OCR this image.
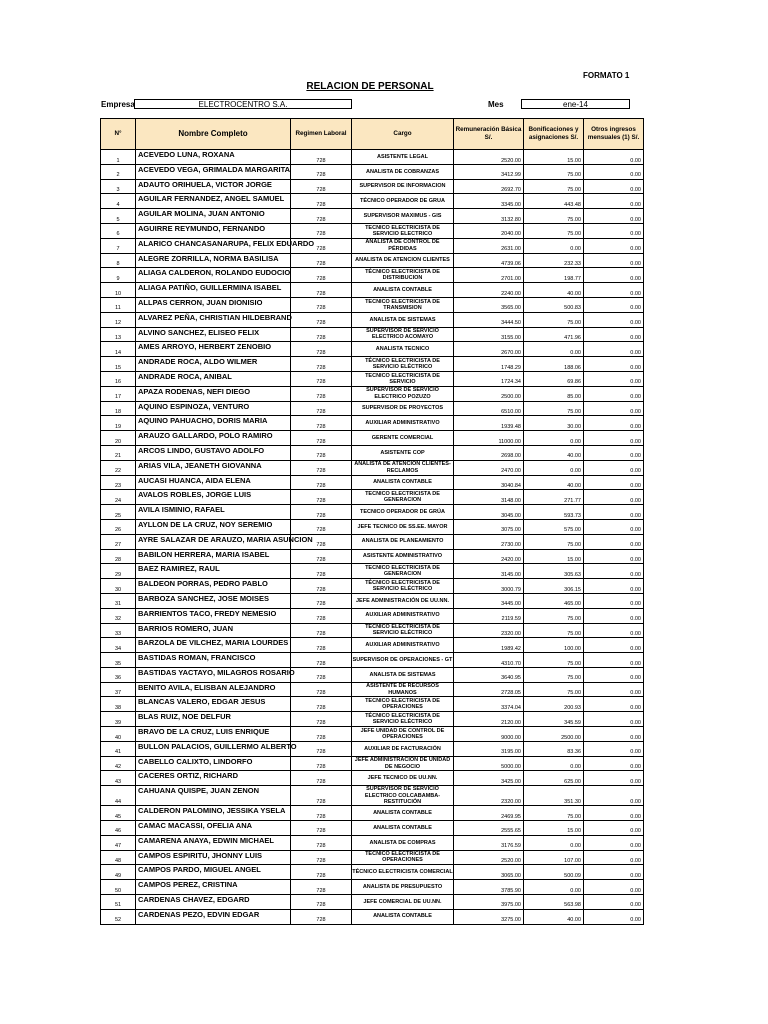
FORMATO 1
RELACION DE PERSONAL
Empresa	ELECTROCENTRO S.A.	Mes	ene-14
N°	Nombre Completo	Regimen Laboral	Cargo	Remuneración Básica S/.	Bonificaciones y asignaciones S/.	Otros ingresos mensuales (1) S/.
1	ACEVEDO LUNA, ROXANA	728	ASISTENTE LEGAL	2520.00	15.00	0.00
2	ACEVEDO VEGA, GRIMALDA MARGARITA	728	ANALISTA DE COBRANZAS	3412.99	75.00	0.00
3	ADAUTO ORIHUELA, VICTOR JORGE	728	SUPERVISOR DE INFORMACION	2692.70	75.00	0.00
4	AGUILAR FERNANDEZ, ANGEL SAMUEL	728	TÉCNICO OPERADOR DE GRUA	3345.00	443.48	0.00
5	AGUILAR MOLINA, JUAN ANTONIO	728	SUPERVISOR MAXIMUS - GIS	3132.80	75.00	0.00
6	AGUIRRE REYMUNDO, FERNANDO	728	TECNICO ELECTRICISTA DE SERVICIO ELECTRICO	2040.00	75.00	0.00
7	ALARICO CHANCASANARUPA, FELIX EDUARDO	728	ANALISTA DE CONTROL DE PÉRDIDAS	2631.00	0.00	0.00
8	ALEGRE ZORRILLA, NORMA BASILISA	728	ANALISTA DE ATENCION CLIENTES	4739.06	232.33	0.00
9	ALIAGA CALDERON, ROLANDO EUDOCIO	728	TÉCNICO ELECTRICISTA DE DISTRIBUCION	2701.00	198.77	0.00
10	ALIAGA PATIÑO, GUILLERMINA ISABEL	728	ANALISTA CONTABLE	2240.00	40.00	0.00
11	ALLPAS CERRON, JUAN DIONISIO	728	TECNICO ELECTRICISTA DE TRANSMISION	3565.00	500.83	0.00
12	ALVAREZ PEÑA, CHRISTIAN HILDEBRAND	728	ANALISTA DE SISTEMAS	3444.50	75.00	0.00
13	ALVINO SANCHEZ, ELISEO FELIX	728	SUPERVISOR DE SERVICIO ELECTRICO ACOMAYO	3155.00	471.96	0.00
14	AMES ARROYO, HERBERT ZENOBIO	728	ANALISTA TECNICO	2670.00	0.00	0.00
15	ANDRADE ROCA, ALDO WILMER	728	TÉCNICO ELECTRICISTA DE SERVICIO ELÉCTRICO	1748.29	188.06	0.00
16	ANDRADE ROCA, ANIBAL	728	TECNICO ELECTRICISTA DE SERVICIO	1724.34	69.86	0.00
17	APAZA RODENAS, NEFI DIEGO	728	SUPERVISOR DE SERVICIO ELECTRICO POZUZO	2500.00	85.00	0.00
18	AQUINO ESPINOZA, VENTURO	728	SUPERVISOR DE PROYECTOS	6510.00	75.00	0.00
19	AQUINO PAHUACHO, DORIS MARIA	728	AUXILIAR ADMINISTRATIVO	1939.48	30.00	0.00
20	ARAUZO GALLARDO, POLO RAMIRO	728	GERENTE COMERCIAL	11000.00	0.00	0.00
21	ARCOS LINDO, GUSTAVO ADOLFO	728	ASISTENTE COP	2698.00	40.00	0.00
22	ARIAS VILA, JEANETH GIOVANNA	728	ANALISTA DE ATENCION CLIENTES-RECLAMOS	2470.00	0.00	0.00
23	AUCASI HUANCA, AIDA ELENA	728	ANALISTA CONTABLE	3040.84	40.00	0.00
24	AVALOS ROBLES, JORGE LUIS	728	TECNICO ELECTRICISTA DE GENERACION	3148.00	271.77	0.00
25	AVILA ISMINIO, RAFAEL	728	TECNICO OPERADOR DE GRÚA	3045.00	593.73	0.00
26	AYLLON DE LA CRUZ, NOY SEREMIO	728	JEFE TECNICO DE SS.EE. MAYOR	3075.00	575.00	0.00
27	AYRE SALAZAR DE ARAUZO, MARIA ASUNCION	728	ANALISTA DE PLANEAMIENTO	2730.00	75.00	0.00
28	BABILON HERRERA, MARIA ISABEL	728	ASISTENTE ADMINISTRATIVO	2420.00	15.00	0.00
29	BAEZ RAMIREZ, RAUL	728	TECNICO ELECTRICISTA DE GENERACION	3145.00	305.63	0.00
30	BALDEON PORRAS, PEDRO PABLO	728	TÉCNICO ELECTRICISTA DE SERVICIO ELÉCTRICO	3000.79	306.15	0.00
31	BARBOZA SANCHEZ, JOSE MOISES	728	JEFE ADMINISTRACIÓN DE UU.NN.	3445.00	465.00	0.00
32	BARRIENTOS TACO, FREDY NEMESIO	728	AUXILIAR ADMINISTRATIVO	2119.59	75.00	0.00
33	BARRIOS ROMERO, JUAN	728	TÉCNICO ELECTRICISTA DE SERVICIO ELÉCTRICO	2320.00	75.00	0.00
34	BARZOLA DE VILCHEZ, MARIA LOURDES	728	AUXILIAR ADMINISTRATIVO	1989.42	100.00	0.00
35	BASTIDAS ROMAN, FRANCISCO	728	SUPERVISOR DE OPERACIONES - GT	4310.70	75.00	0.00
36	BASTIDAS YACTAYO, MILAGROS ROSARIO	728	ANALISTA DE SISTEMAS	3640.95	75.00	0.00
37	BENITO AVILA, ELISBAN ALEJANDRO	728	ASISTENTE DE RECURSOS HUMANOS	2728.05	75.00	0.00
38	BLANCAS VALERO, EDGAR JESUS	728	TECNICO ELECTRICISTA DE OPERACIONES	3374.04	200.93	0.00
39	BLAS RUIZ, NOE DELFUR	728	TÉCNICO ELECTRICISTA DE SERVICIO ELÉCTRICO	2120.00	345.59	0.00
40	BRAVO DE LA CRUZ, LUIS ENRIQUE	728	JEFE UNIDAD DE CONTROL DE OPERACIONES	9000.00	2500.00	0.00
41	BULLON PALACIOS, GUILLERMO ALBERTO	728	AUXILIAR DE FACTURACIÓN	3195.00	83.36	0.00
42	CABELLO CALIXTO, LINDORFO	728	JEFE ADMINISTRACIÓN DE UNIDAD DE NEGOCIO	5000.00	0.00	0.00
43	CACERES ORTIZ, RICHARD	728	JEFE TECNICO DE UU.NN.	3425.00	625.00	0.00
44	CAHUANA QUISPE, JUAN ZENON	728	SUPERVISOR DE SERVICIO ELECTRICO COLCABAMBA-RESTITUCIÓN	2320.00	351.30	0.00
45	CALDERON PALOMINO, JESSIKA YSELA	728	ANALISTA CONTABLE	2469.95	75.00	0.00
46	CAMAC MACASSI, OFELIA ANA	728	ANALISTA CONTABLE	2555.65	15.00	0.00
47	CAMARENA ANAYA, EDWIN MICHAEL	728	ANALISTA DE COMPRAS	3176.59	0.00	0.00
48	CAMPOS ESPIRITU, JHONNY LUIS	728	TECNICO ELECTRICISTA DE OPERACIONES	2520.00	107.00	0.00
49	CAMPOS PARDO, MIGUEL ANGEL	728	TÉCNICO ELECTRICISTA COMERCIAL	3065.00	500.09	0.00
50	CAMPOS PEREZ, CRISTINA	728	ANALISTA DE PRESUPUESTO	3785.90	0.00	0.00
51	CARDENAS CHAVEZ, EDGARD	728	JEFE COMERCIAL DE UU.NN.	3975.00	563.98	0.00
52	CARDENAS PEZO, EDVIN EDGAR	728	ANALISTA CONTABLE	3275.00	40.00	0.00
